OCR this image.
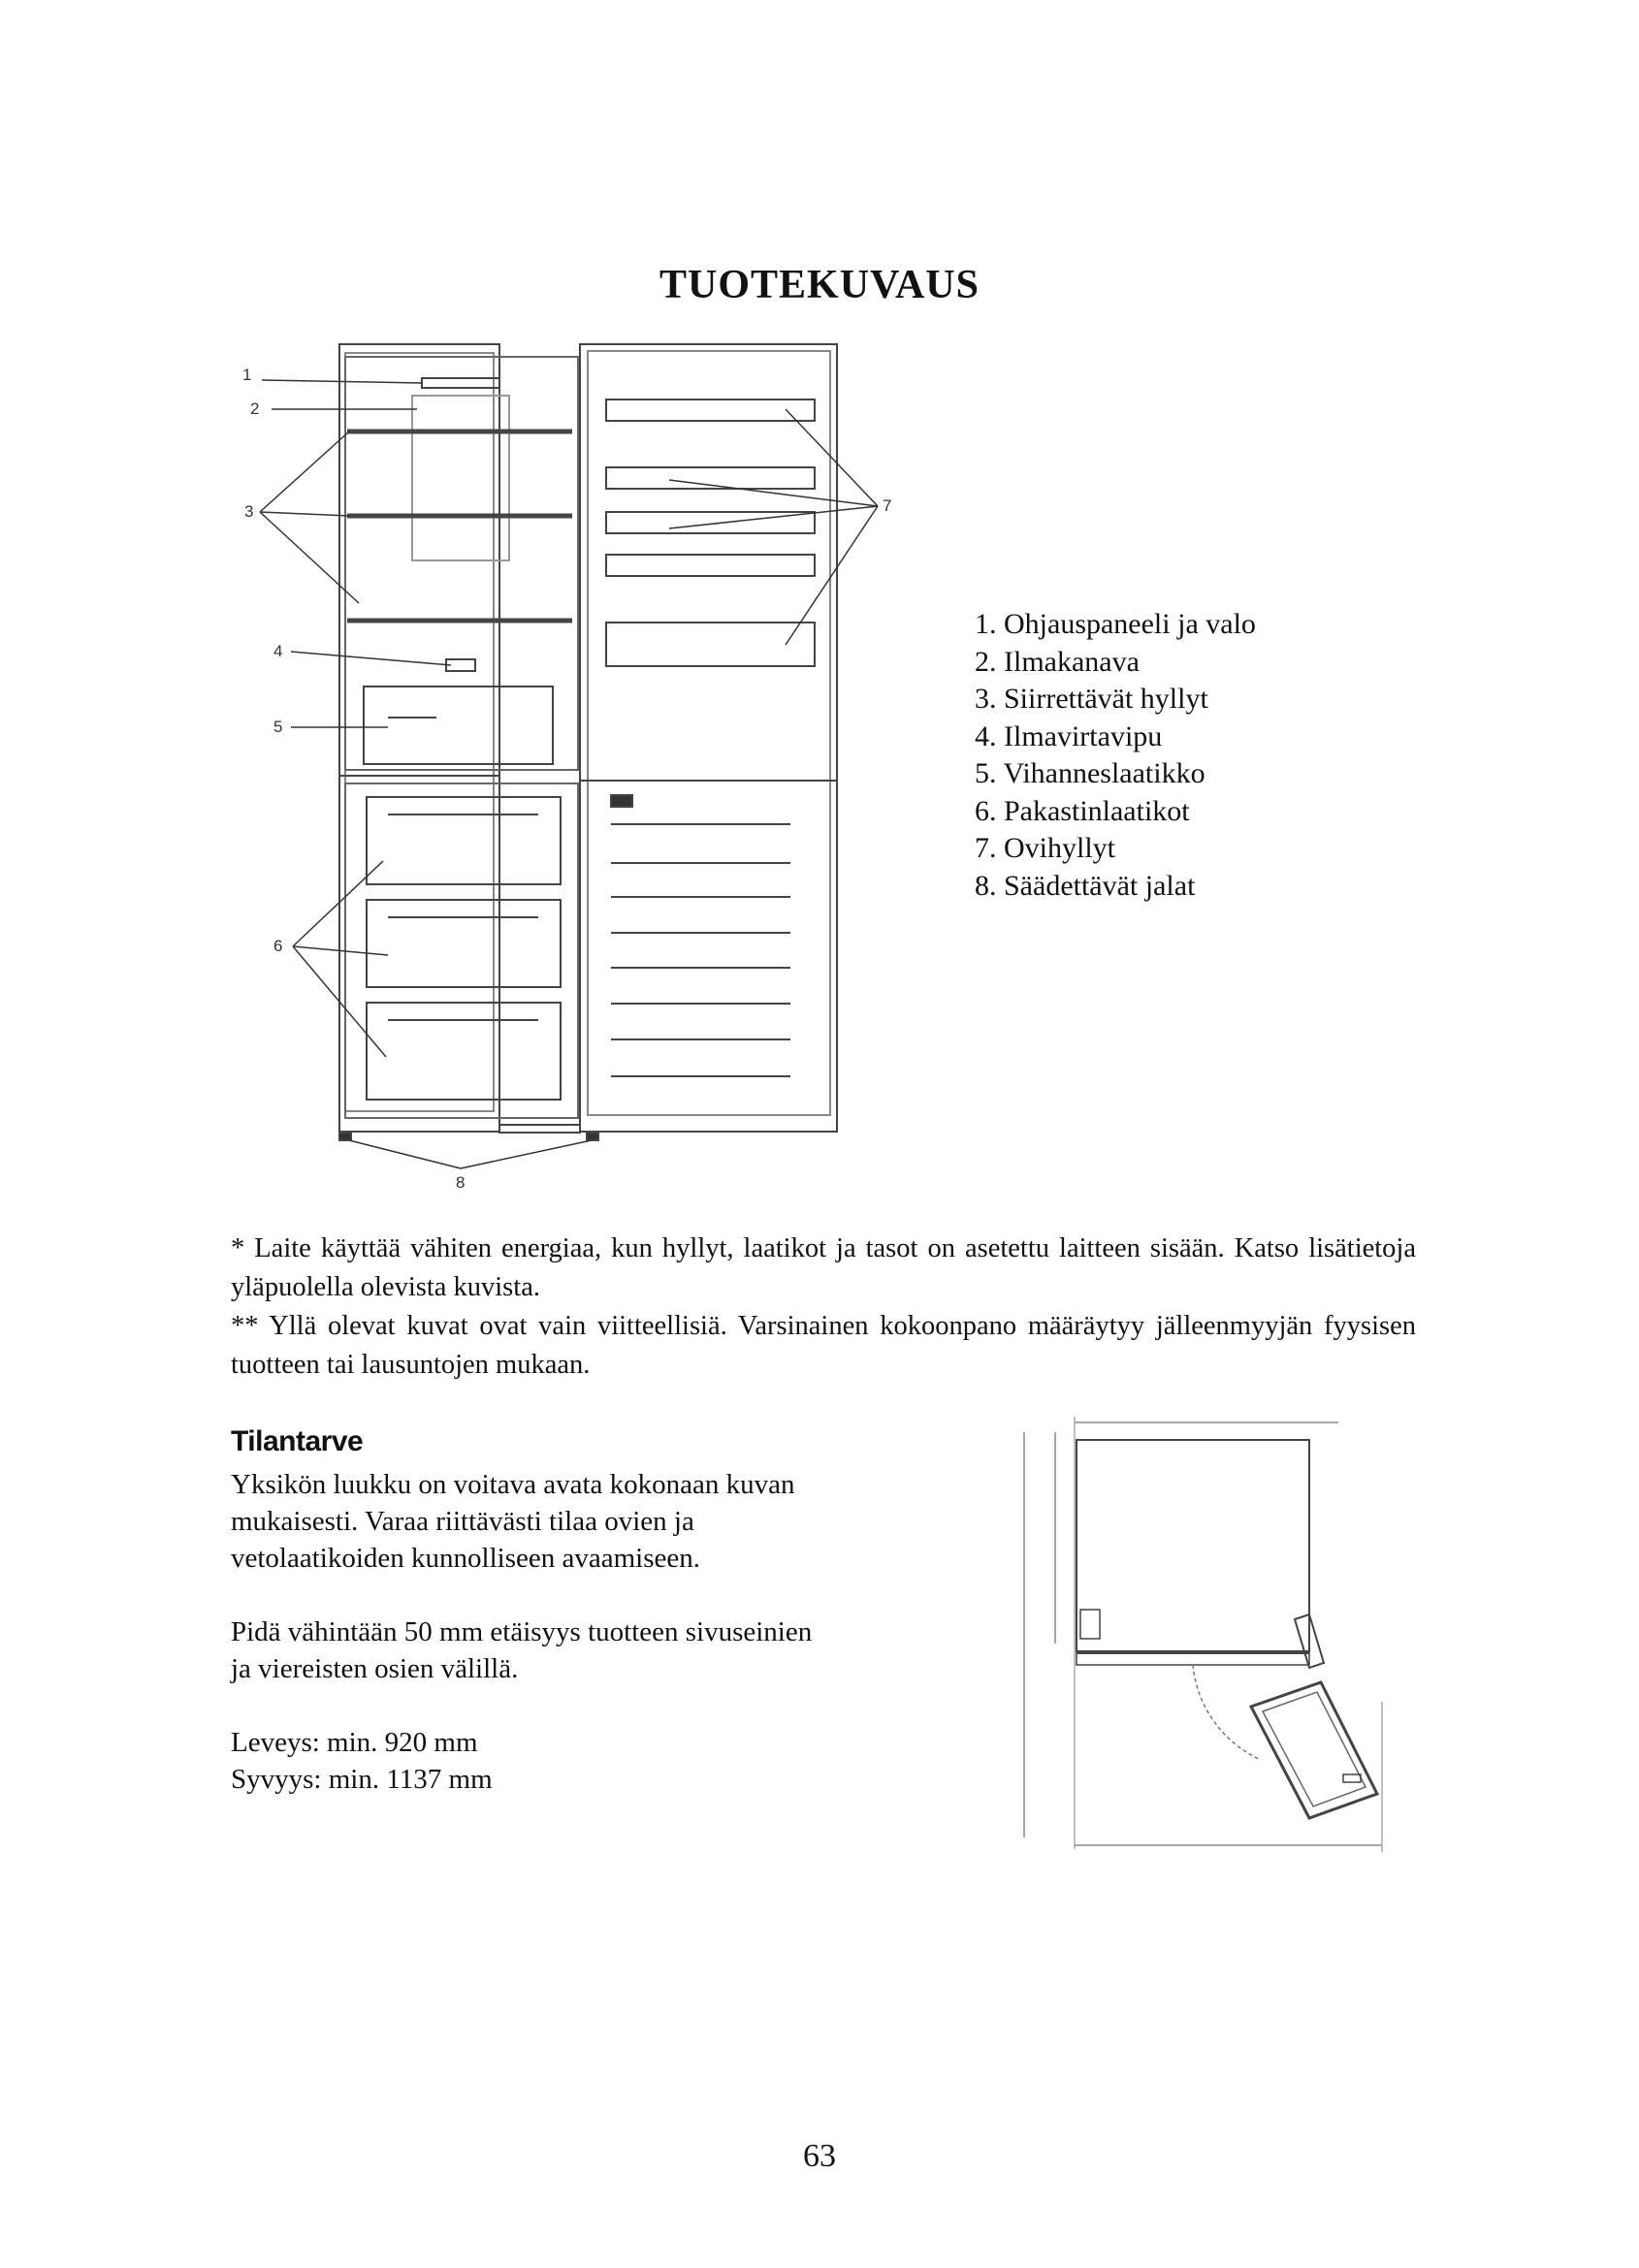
TUOTEKUVAUS
1
2
3
4
5
6
7
8
1. Ohjauspaneeli ja valo
2. Ilmakanava
3. Siirrettävät hyllyt
4. Ilmavirtavipu
5. Vihanneslaatikko
6. Pakastinlaatikot
7. Ovihyllyt
8. Säädettävät jalat

* Laite käyttää vähiten energiaa, kun hyllyt, laatikot ja tasot on asetettu laitteen sisään. Katso lisätietoja yläpuolella olevista kuvista.

** Yllä olevat kuvat ovat vain viitteellisiä. Varsinainen kokoonpano määräytyy jälleenmyyjän fyysisen tuotteen tai lausuntojen mukaan.

Tilantarve

Yksikön luukku on voitava avata kokonaan kuvan mukaisesti. Varaa riittävästi tilaa ovien ja vetolaatikoiden kunnolliseen avaamiseen.

Pidä vähintään 50 mm etäisyys tuotteen sivuseinien ja viereisten osien välillä.

Leveys: min. 920 mm

Syvyys: min. 1137 mm

63
